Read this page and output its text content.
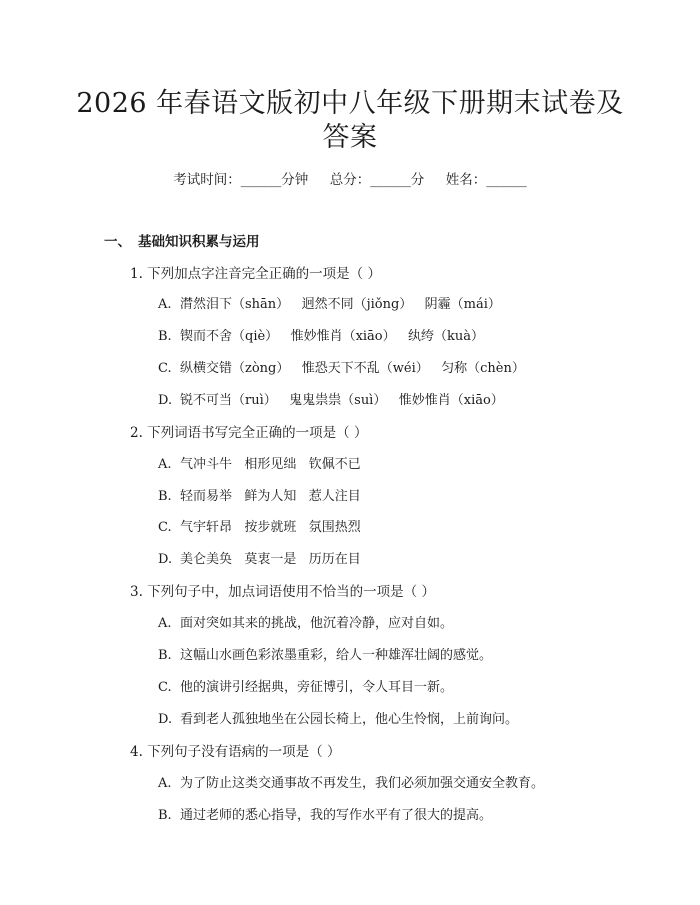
2026 年春语文版初中八年级下册期末试卷及
答案
考试时间：______分钟     总分：______分     姓名：______
一、 基础知识积累与运用
1. 下列加点字注音完全正确的一项是（ ）
A. 潸然泪下（shān）   迥然不同（jiǒng）   阴霾（mái）
B. 锲而不舍（qiè）   惟妙惟肖（xiāo）   纨绔（kuà）
C. 纵横交错（zòng）   惟恐天下不乱（wéi）   匀称（chèn）
D. 锐不可当（ruì）   鬼鬼祟祟（suì）   惟妙惟肖（xiāo）
2. 下列词语书写完全正确的一项是（ ）
A. 气冲斗牛   相形见绌   钦佩不已
B. 轻而易举   鲜为人知   惹人注目
C. 气宇轩昂   按步就班   氛围热烈
D. 美仑美奂   莫衷一是   历历在目
3. 下列句子中，加点词语使用不恰当的一项是（ ）
A. 面对突如其来的挑战，他沉着冷静，应对自如。
B. 这幅山水画色彩浓墨重彩，给人一种雄浑壮阔的感觉。
C. 他的演讲引经据典，旁征博引，令人耳目一新。
D. 看到老人孤独地坐在公园长椅上，他心生怜悯，上前询问。
4. 下列句子没有语病的一项是（ ）
A. 为了防止这类交通事故不再发生，我们必须加强交通安全教育。
B. 通过老师的悉心指导，我的写作水平有了很大的提高。
